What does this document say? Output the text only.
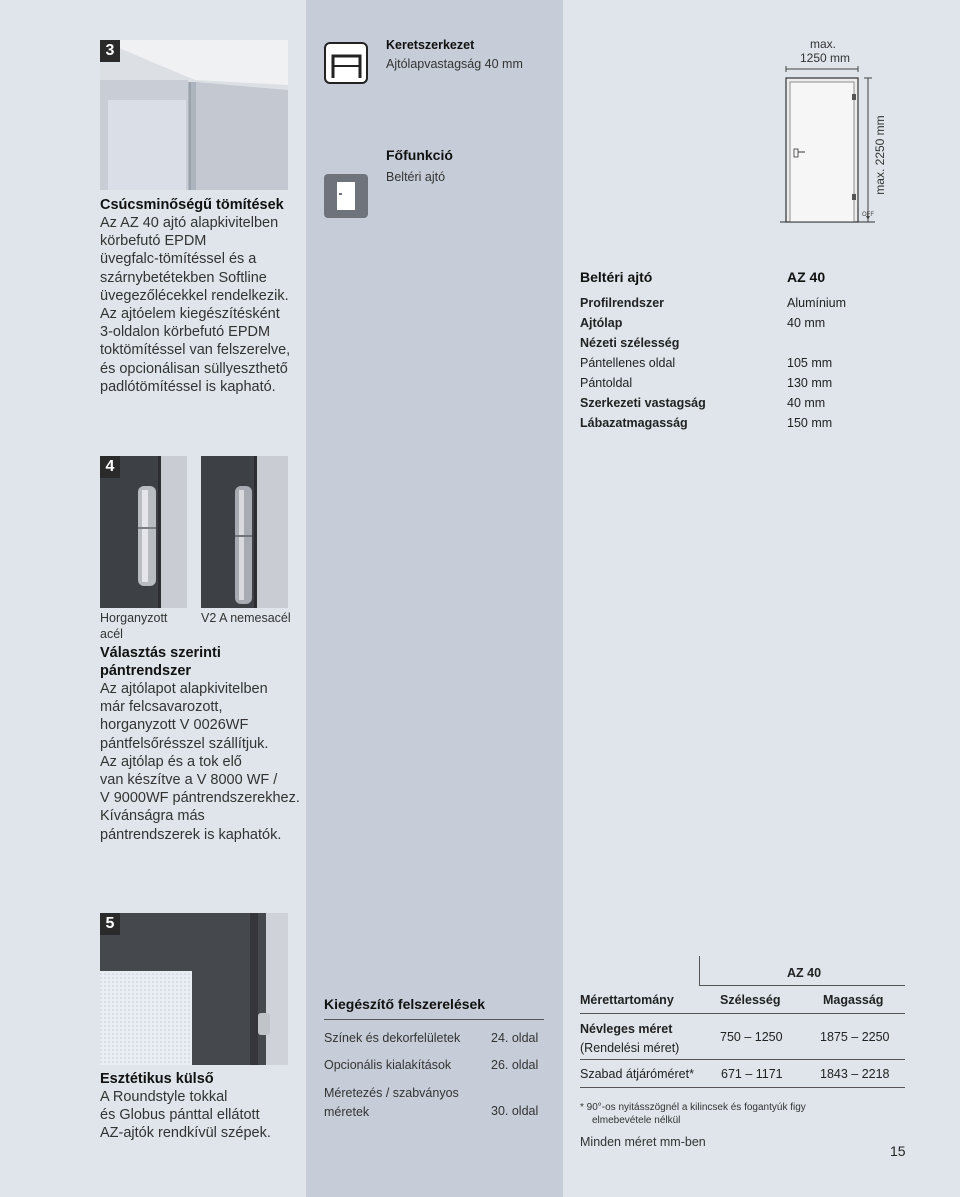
3
Csúcsminőségű tömítések
Az AZ 40 ajtó alapkivitelben
körbefutó EPDM
üvegfalc-tömítéssel és a
szárnybetétekben Softline
üvegezőlécekkel rendelkezik.
Az ajtóelem kiegészítésként
3-oldalon körbefutó EPDM
toktömítéssel van felszerelve,
és opcionálisan süllyeszthető
padlótömítéssel is kapható.
Keretszerkezet
Ajtólapvastagság 40 mm
Főfunkció
Beltéri ajtó
max.
1250 mm
OFF
max. 2250 mm
Beltéri ajtó	AZ 40
Profilrendszer	Alumínium
Ajtólap	40 mm
Nézeti szélesség
Pántellenes oldal	105 mm
Pántoldal	130 mm
Szerkezeti vastagság	40 mm
Lábazatmagasság	150 mm
4
Horganyzott
acél
V2 A nemesacél
Választás szerinti
pántrendszer
Az ajtólapot alapkivitelben
már felcsavarozott,
horganyzott V 0026WF
pántfelsőrésszel szállítjuk.
Az ajtólap és a tok elő
van készítve a V 8000 WF /
V 9000WF pántrendszerekhez.
Kívánságra más
pántrendszerek is kaphatók.
5
Esztétikus külső
A Roundstyle tokkal
és Globus pánttal ellátott
AZ-ajtók rendkívül szépek.
Kiegészítő felszerelések
Színek és dekorfelületek 24. oldal
Opcionális kialakítások	26. oldal
Méretezés / szabványos
méretek	30. oldal
AZ 40
Mérettartomány	Szélesség	Magasság
Névleges méret
(Rendelési méret)
750 – 1250	1875 – 2250
Szabad átjáróméret* 671 – 1171	1843 – 2218
* 90°-os nyitásszögnél a kilincsek és fogantyúk figy
elmebevétele nélkül
Minden méret mm-ben
15
